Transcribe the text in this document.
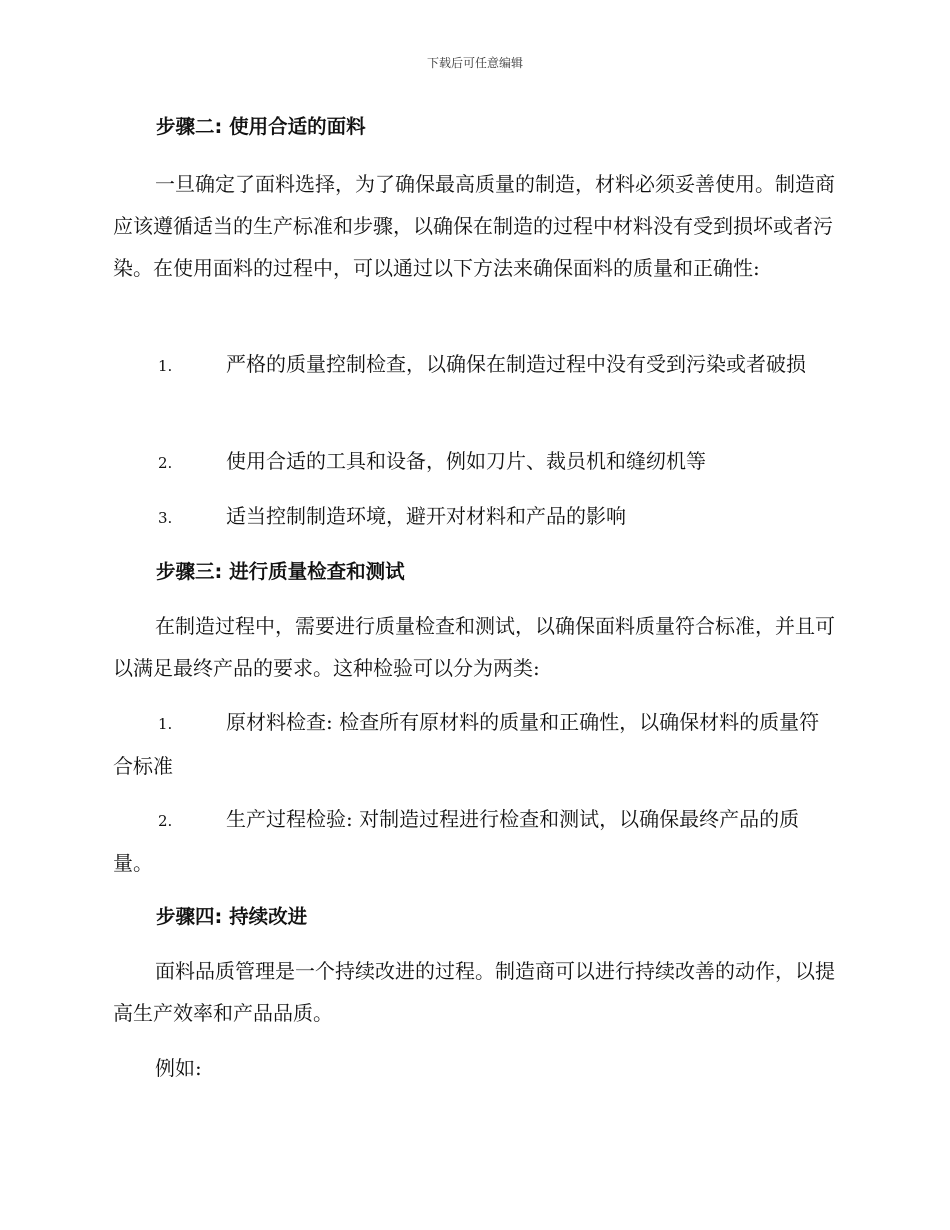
下载后可任意编辑
步骤二: 使用合适的面料
一旦确定了面料选择，为了确保最高质量的制造，材料必须妥善使用。制造商应该遵循适当的生产标准和步骤，以确保在制造的过程中材料没有受到损坏或者污染。在使用面料的过程中，可以通过以下方法来确保面料的质量和正确性:
1.	严格的质量控制检查，以确保在制造过程中没有受到污染或者破损
2.	使用合适的工具和设备，例如刀片、裁员机和缝纫机等
3.	适当控制制造环境，避开对材料和产品的影响
步骤三: 进行质量检查和测试
在制造过程中，需要进行质量检查和测试，以确保面料质量符合标准，并且可以满足最终产品的要求。这种检验可以分为两类:
1.	原材料检查: 检查所有原材料的质量和正确性，以确保材料的质量符合标准
2.	生产过程检验: 对制造过程进行检查和测试，以确保最终产品的质量。
步骤四: 持续改进
面料品质管理是一个持续改进的过程。制造商可以进行持续改善的动作，以提高生产效率和产品品质。
例如:
